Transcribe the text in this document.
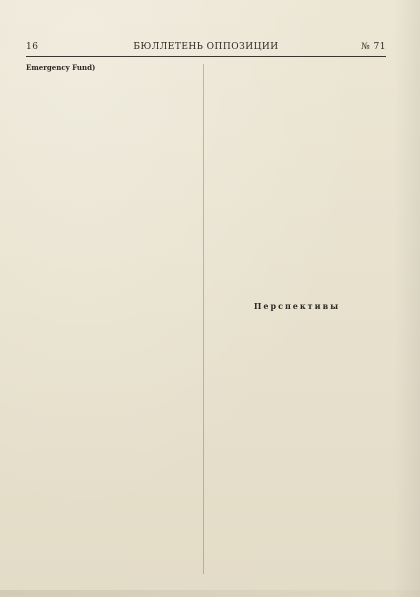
16	БЮЛЛЕТЕНЬ ОППОЗИЦИИ	№ 71
Emergency Fund)
Перспективы
